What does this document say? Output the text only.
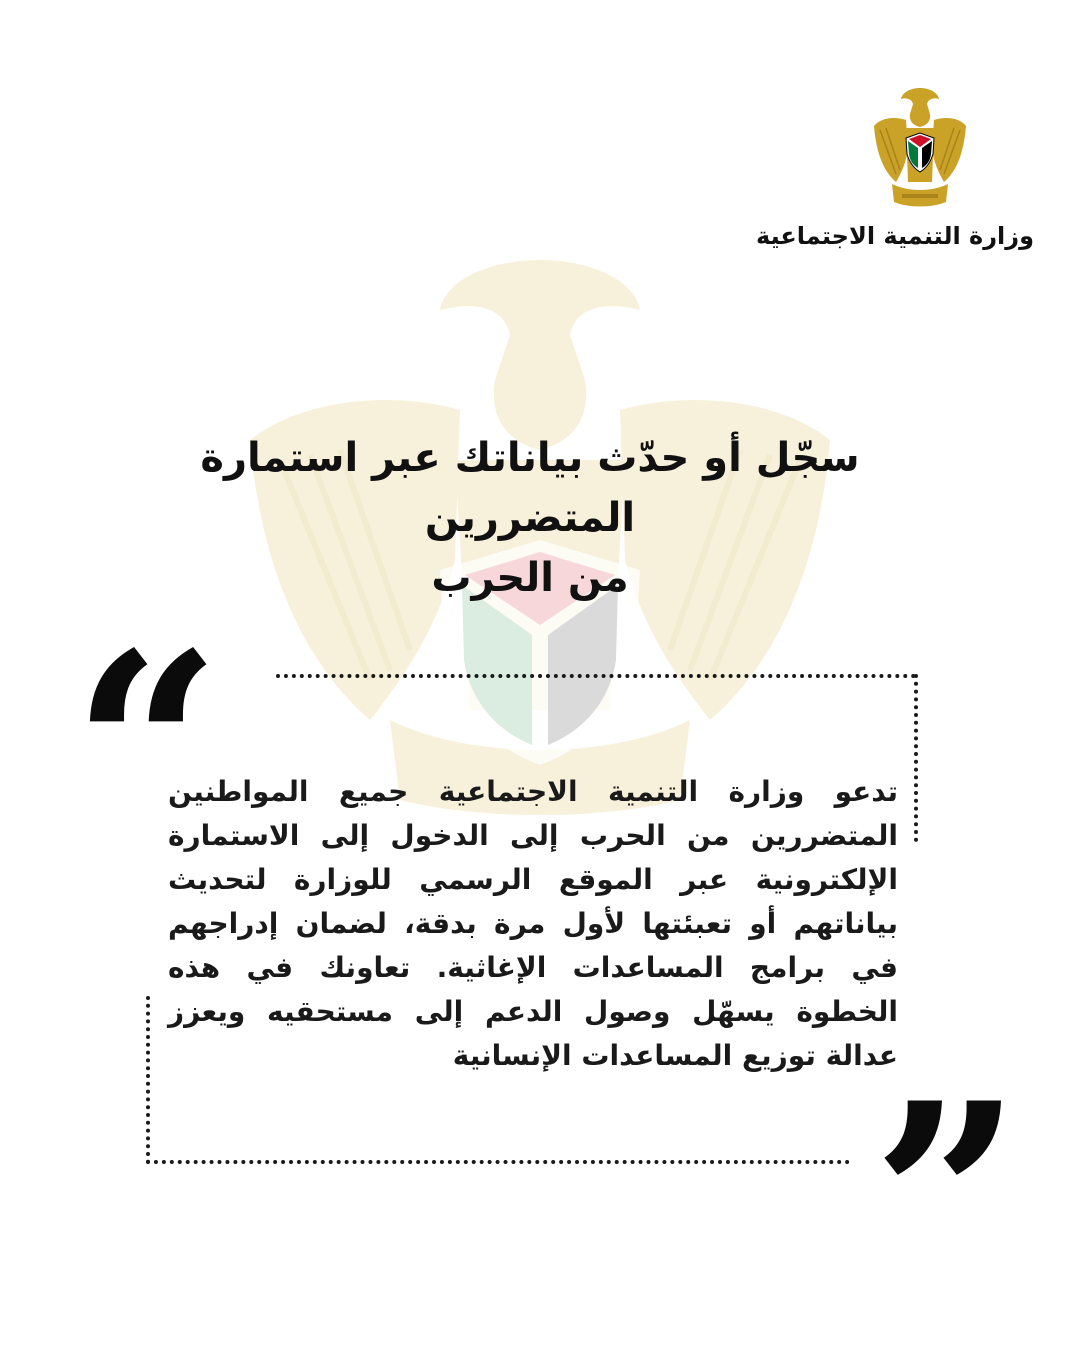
وزارة التنمية الاجتماعية
سجّل أو حدّث بياناتك عبر استمارة المتضررين
من الحرب
“
تدعو وزارة التنمية الاجتماعية جميع المواطنين المتضررين من الحرب إلى الدخول إلى الاستمارة الإلكترونية عبر الموقع الرسمي للوزارة لتحديث بياناتهم أو تعبئتها لأول مرة بدقة، لضمان إدراجهم في برامج المساعدات الإغاثية. تعاونك في هذه الخطوة يسهّل وصول الدعم إلى مستحقيه ويعزز عدالة توزيع المساعدات الإنسانية
”
